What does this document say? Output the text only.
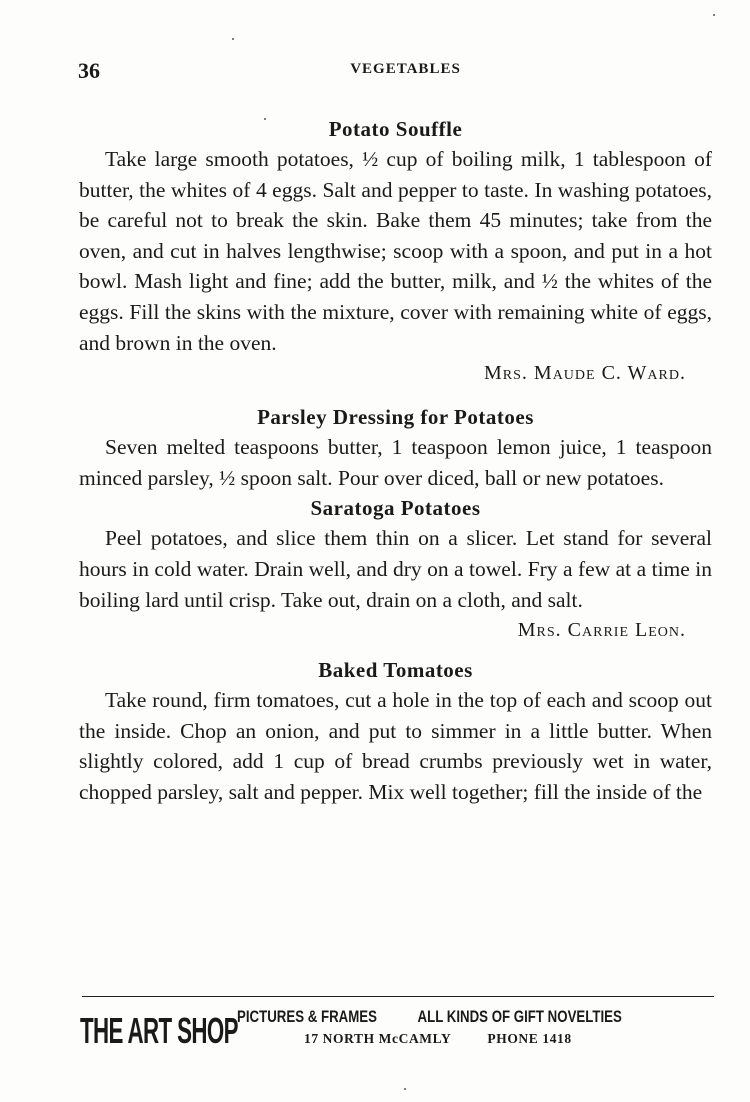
36	VEGETABLES
Potato Souffle

Take large smooth potatoes, ½ cup of boiling milk, 1 tablespoon of butter, the whites of 4 eggs. Salt and pepper to taste. In washing potatoes, be careful not to break the skin. Bake them 45 minutes; take from the oven, and cut in halves lengthwise; scoop with a spoon, and put in a hot bowl. Mash light and fine; add the butter, milk, and ½ the whites of the eggs. Fill the skins with the mixture, cover with remaining white of eggs, and brown in the oven.

Mrs. Maude C. Ward.

Parsley Dressing for Potatoes

Seven melted teaspoons butter, 1 teaspoon lemon juice, 1 teaspoon minced parsley, ½ spoon salt. Pour over diced, ball or new potatoes.

Saratoga Potatoes

Peel potatoes, and slice them thin on a slicer. Let stand for several hours in cold water. Drain well, and dry on a towel. Fry a few at a time in boiling lard until crisp. Take out, drain on a cloth, and salt.

Mrs. Carrie Leon.

Baked Tomatoes

Take round, firm tomatoes, cut a hole in the top of each and scoop out the inside. Chop an onion, and put to simmer in a little butter. When slightly colored, add 1 cup of bread crumbs previously wet in water, chopped parsley, salt and pepper. Mix well together; fill the inside of the

THE ART SHOP PICTURES & FRAMES ALL KINDS OF GIFT NOVELTIES
17 NORTH McCAMLY	PHONE 1418
